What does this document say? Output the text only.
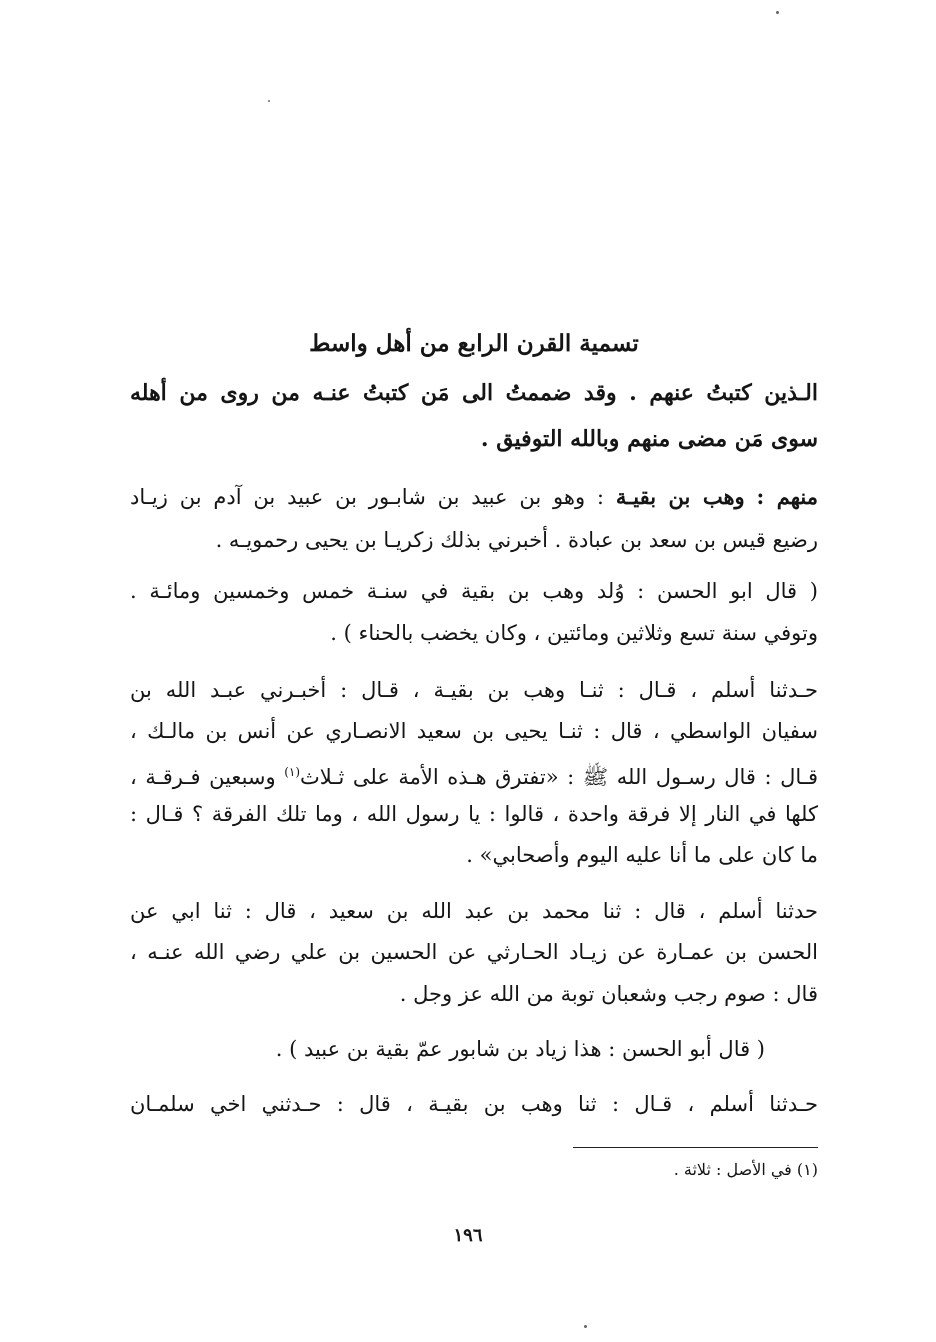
تسمية القرن الرابع من أهل واسط
الـذين كتبتُ عنهم . وقد ضممتُ الى مَن كتبتُ عنـه من روى من أهله
سوى مَن مضى منهم وبالله التوفيق .
منهم : وهب بن بقيـة : وهو بن عبيد بن شابـور بن عبيد بن آدم بن زيـاد
رضيع قيس بن سعد بن عبادة . أخبرني بذلك زكريـا بن يحيى رحمويـه .
( قال ابو الحسن : وُلد وهب بن بقية في سنـة خمس وخمسين ومائـة .
وتوفي سنة تسع وثلاثين ومائتين ، وكان يخضب بالحناء ) .
حـدثنا أسلم ، قـال : ثنـا وهب بن بقيـة ، قـال : أخبـرني عبـد الله بن
سفيان الواسطي ، قال : ثنـا يحيى بن سعيد الانصـاري عن أنس بن مالـك ،
قـال : قال رسـول الله ﷺ : «تفترق هـذه الأمة على ثـلاث$^{(١)}$ وسبعين فـرقـة ،
كلها في النار إلا فرقة واحدة ، قالوا : يا رسول الله ، وما تلك الفرقة ؟ قـال :
ما كان على ما أنا عليه اليوم وأصحابي» .
حدثنا أسلم ، قال : ثنا محمد بن عبد الله بن سعيد ، قال : ثنا ابي عن
الحسن بن عمـارة عن زيـاد الحـارثي عن الحسين بن علي رضي الله عنـه ،
قال : صوم رجب وشعبان توبة من الله عز وجل .
( قال أبو الحسن : هذا زياد بن شابور عمّ بقية بن عبيد ) .
حـدثنا أسلم ، قـال : ثنا وهب بن بقيـة ، قال : حـدثني اخي سلمـان
(١) في الأصل : ثلاثة .
١٩٦
